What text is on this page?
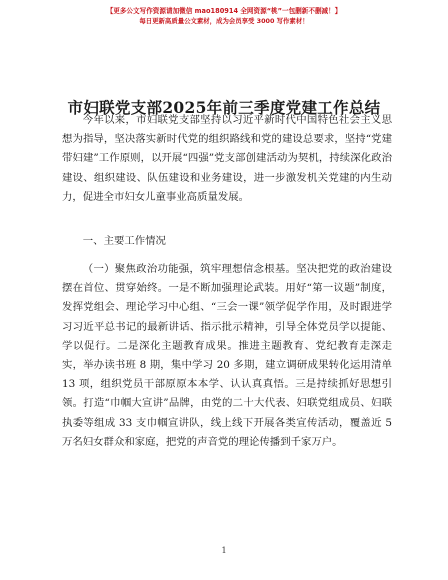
【更多公文写作资源请加微信 mao180914 全网资源“桃”一包删新不删减！】
每日更新高质量公文素材，成为会员享受 3000 写作素材！
市妇联党支部2025年前三季度党建工作总结

今年以来，市妇联党支部坚持以习近平新时代中国特色社会主义思想为指导，坚决落实新时代党的组织路线和党的建设总要求，坚持“党建带妇建”工作原则，以开展“四强”党支部创建活动为契机，持续深化政治建设、组织建设、队伍建设和业务建设，进一步激发机关党建的内生动力，促进全市妇女儿童事业高质量发展。

一、主要工作情况

（一）聚焦政治功能强，筑牢理想信念根基。坚决把党的政治建设摆在首位、贯穿始终。一是不断加强理论武装。用好“第一议题”制度，发挥党组会、理论学习中心组、“三会一课”领学促学作用，及时跟进学习习近平总书记的最新讲话、指示批示精神，引导全体党员学以提能、学以促行。二是深化主题教育成果。推进主题教育、党纪教育走深走实，举办读书班 8 期，集中学习 20 多期，建立调研成果转化运用清单 13 项，组织党员干部原原本本学、认认真真悟。三是持续抓好思想引领。打造“巾帼大宣讲”品牌，由党的二十大代表、妇联党组成员、妇联执委等组成 33 支巾帼宣讲队，线上线下开展各类宣传活动，覆盖近 5 万名妇女群众和家庭，把党的声音党的理论传播到千家万户。

1
